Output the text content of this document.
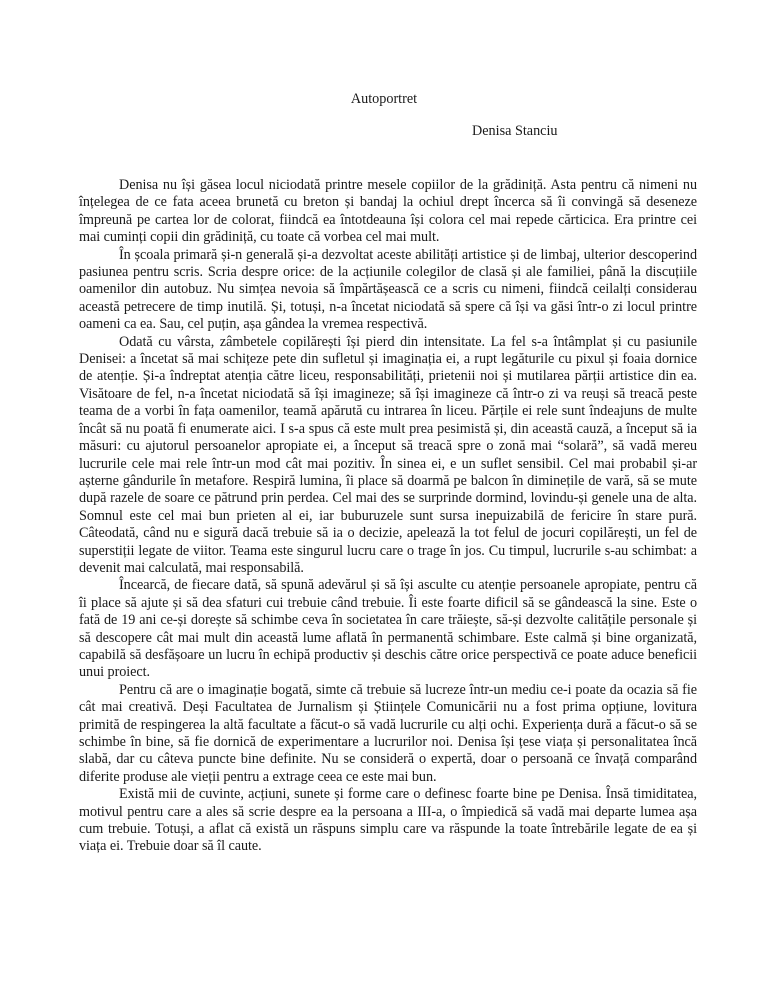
Autoportret
Denisa Stanciu

Denisa nu își găsea locul niciodată printre mesele copiilor de la grădiniță. Asta pentru că nimeni nu înțelegea de ce fata aceea brunetă cu breton și bandaj la ochiul drept încerca să îi convingă să deseneze împreună pe cartea lor de colorat, fiindcă ea întotdeauna își colora cel mai repede cărticica. Era printre cei mai cuminți copii din grădiniță, cu toate că vorbea cel mai mult.

În școala primară și-n generală și-a dezvoltat aceste abilități artistice și de limbaj, ulterior descoperind pasiunea pentru scris. Scria despre orice: de la acțiunile colegilor de clasă și ale familiei, până la discuțiile oamenilor din autobuz. Nu simțea nevoia să împărtășească ce a scris cu nimeni, fiindcă ceilalți considerau această petrecere de timp inutilă. Și, totuși, n-a încetat niciodată să spere că își va găsi într-o zi locul printre oameni ca ea. Sau, cel puțin, așa gândea la vremea respectivă.

Odată cu vârsta, zâmbetele copilărești își pierd din intensitate. La fel s-a întâmplat și cu pasiunile Denisei: a încetat să mai schițeze pete din sufletul și imaginația ei, a rupt legăturile cu pixul și foaia dornice de atenție. Și-a îndreptat atenția către liceu, responsabilități, prietenii noi și mutilarea părții artistice din ea. Visătoare de fel, n-a încetat niciodată să își imagineze; să își imagineze că într-o zi va reuși să treacă peste teama de a vorbi în fața oamenilor, teamă apărută cu intrarea în liceu. Părțile ei rele sunt îndeajuns de multe încât să nu poată fi enumerate aici. I s-a spus că este mult prea pesimistă și, din această cauză, a început să ia măsuri: cu ajutorul persoanelor apropiate ei, a început să treacă spre o zonă mai “solară”, să vadă mereu lucrurile cele mai rele într-un mod cât mai pozitiv. În sinea ei, e un suflet sensibil. Cel mai probabil și-ar așterne gândurile în metafore. Respiră lumina, îi place să doarmă pe balcon în diminețile de vară, să se mute după razele de soare ce pătrund prin perdea. Cel mai des se surprinde dormind, lovindu-și genele una de alta. Somnul este cel mai bun prieten al ei, iar buburuzele sunt sursa inepuizabilă de fericire în stare pură. Câteodată, când nu e sigură dacă trebuie să ia o decizie, apelează la tot felul de jocuri copilărești, un fel de superstiții legate de viitor. Teama este singurul lucru care o trage în jos. Cu timpul, lucrurile s-au schimbat: a devenit mai calculată, mai responsabilă.

Încearcă, de fiecare dată, să spună adevărul și să își asculte cu atenție persoanele apropiate, pentru că îi place să ajute și să dea sfaturi cui trebuie când trebuie. Îi este foarte dificil să se gândească la sine. Este o fată de 19 ani ce-și dorește să schimbe ceva în societatea în care trăiește, să-și dezvolte calitățile personale și să descopere cât mai mult din această lume aflată în permanentă schimbare. Este calmă și bine organizată, capabilă să desfășoare un lucru în echipă productiv și deschis către orice perspectivă ce poate aduce beneficii unui proiect.

Pentru că are o imaginație bogată, simte că trebuie să lucreze într-un mediu ce-i poate da ocazia să fie cât mai creativă. Deși Facultatea de Jurnalism și Științele Comunicării nu a fost prima opțiune, lovitura primită de respingerea la altă facultate a făcut-o să vadă lucrurile cu alți ochi. Experiența dură a făcut-o să se schimbe în bine, să fie dornică de experimentare a lucrurilor noi. Denisa își țese viața și personalitatea încă slabă, dar cu câteva puncte bine definite. Nu se consideră o expertă, doar o persoană ce învață comparând diferite produse ale vieții pentru a extrage ceea ce este mai bun.

Există mii de cuvinte, acțiuni, sunete și forme care o definesc foarte bine pe Denisa. Însă timiditatea, motivul pentru care a ales să scrie despre ea la persoana a III-a, o împiedică să vadă mai departe lumea așa cum trebuie. Totuși, a aflat că există un răspuns simplu care va răspunde la toate întrebările legate de ea și viața ei. Trebuie doar să îl caute.
